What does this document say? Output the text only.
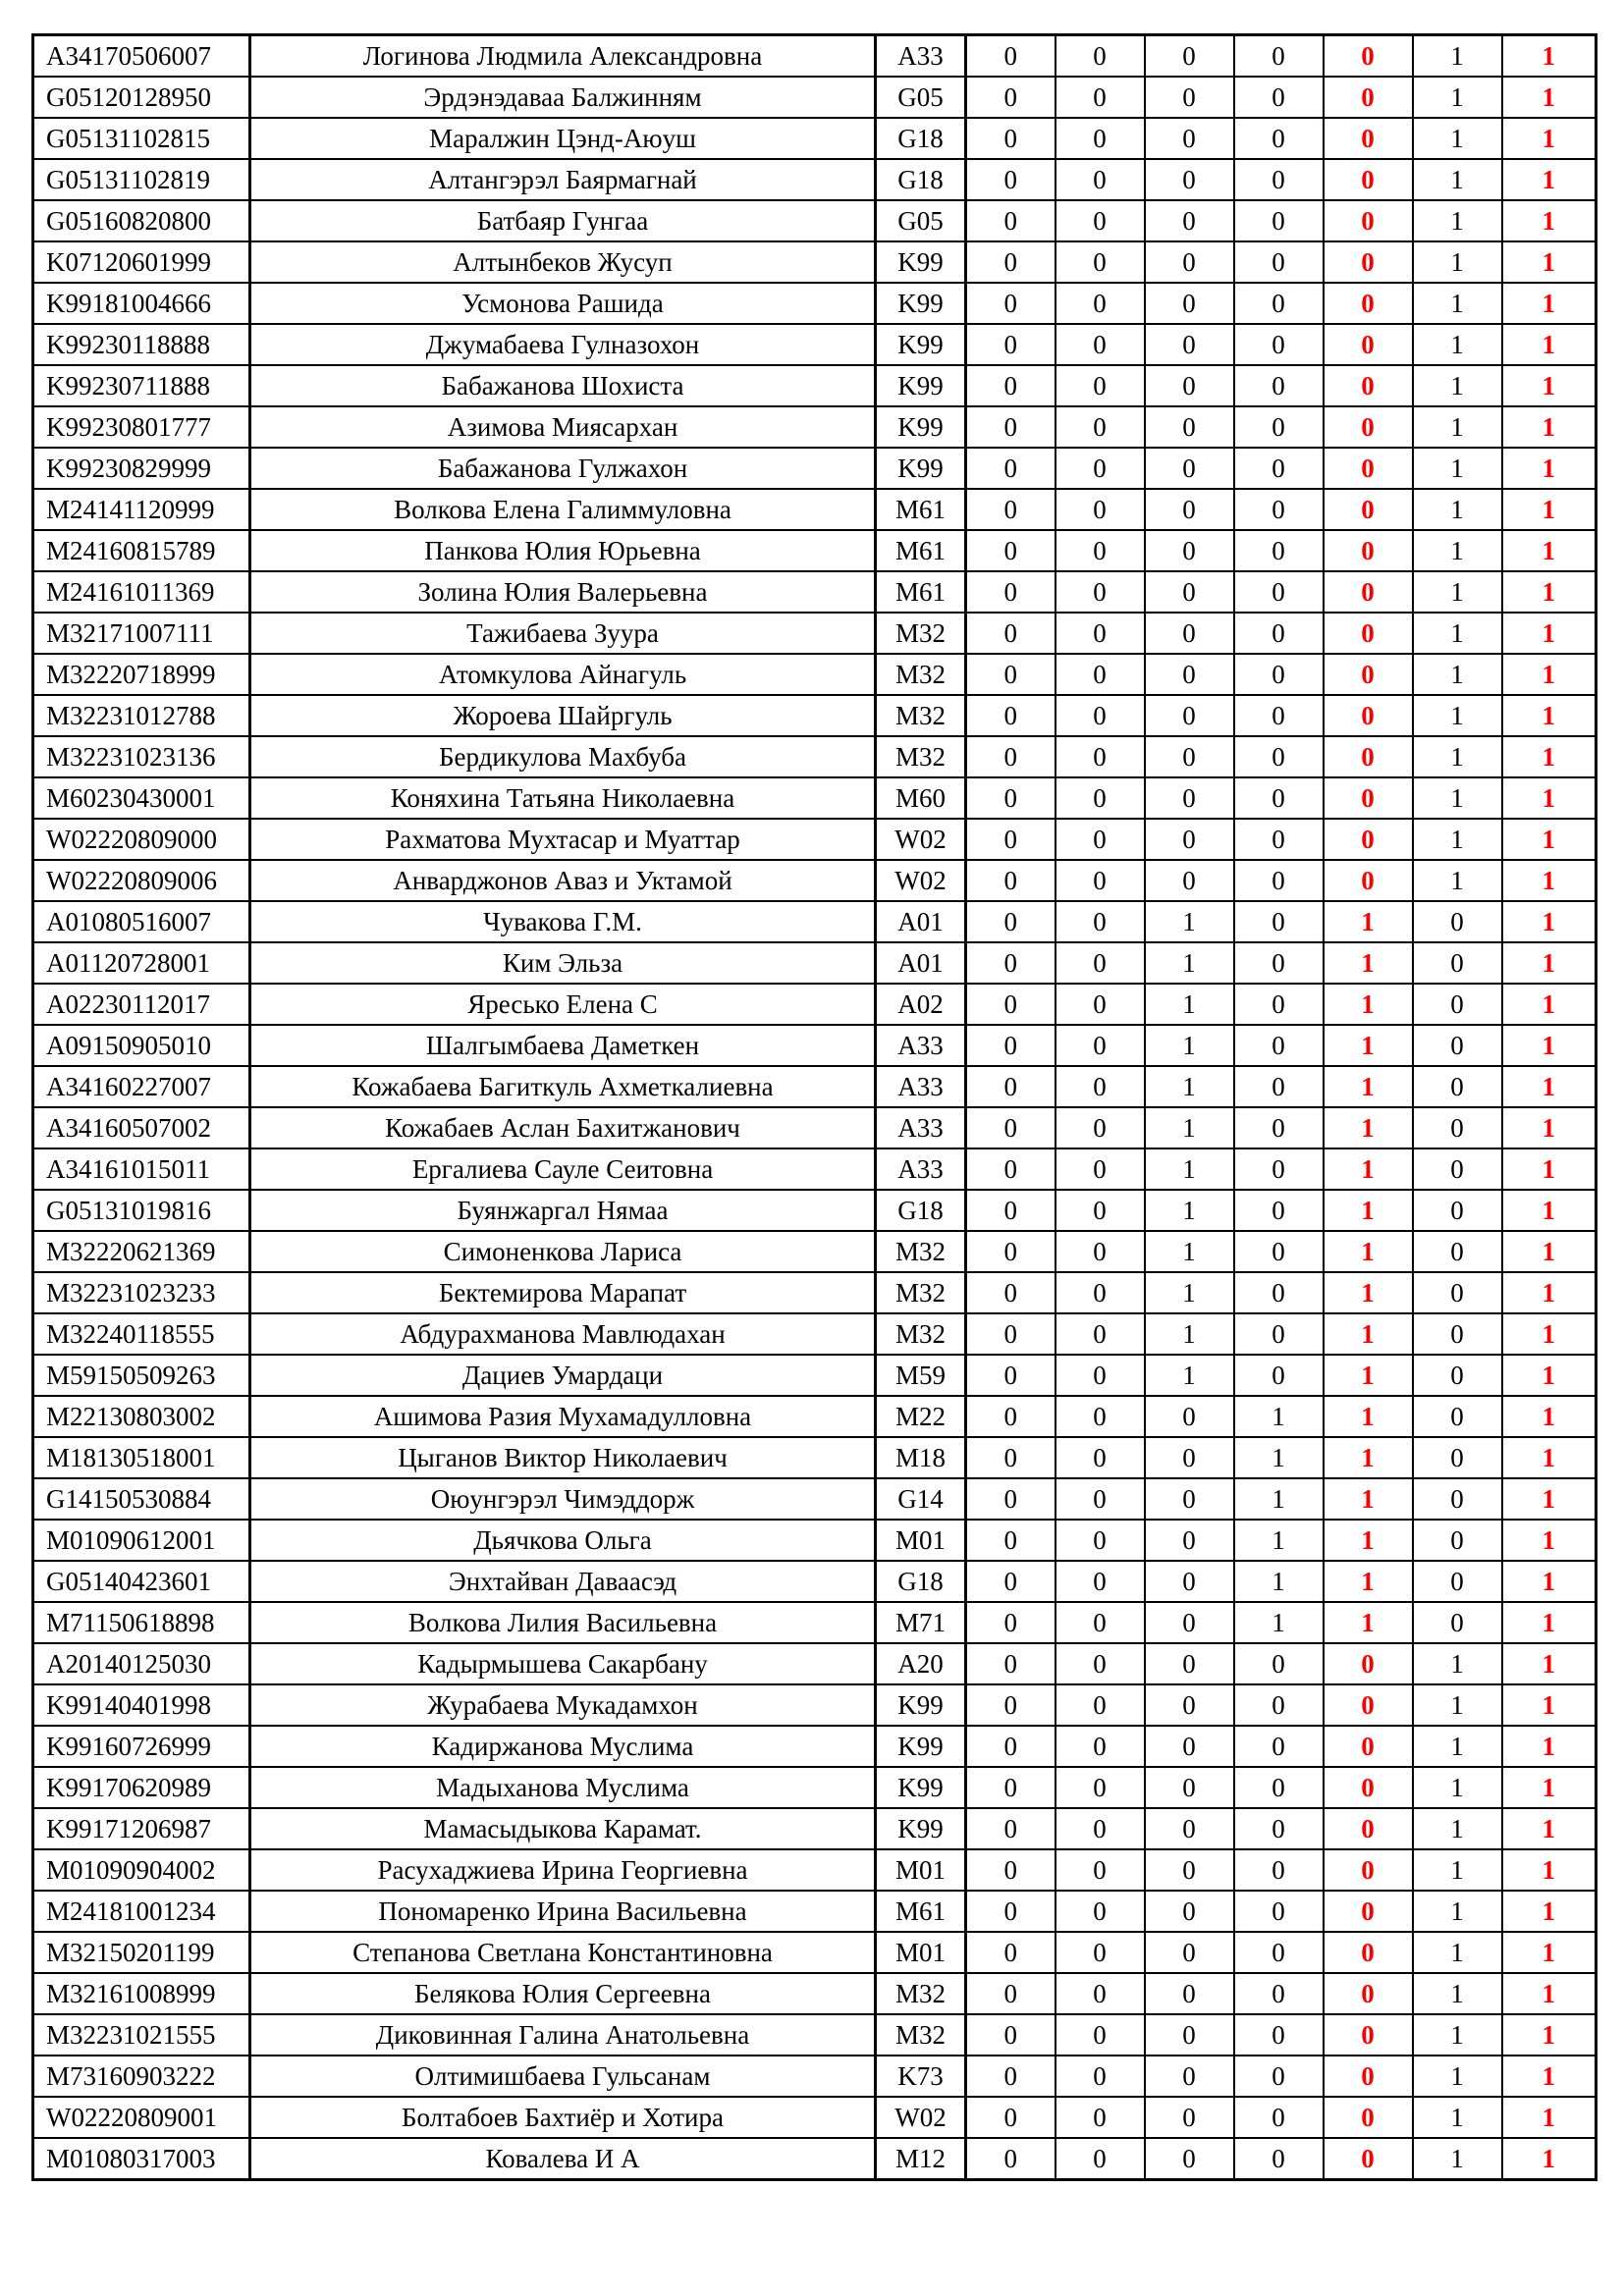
A34170506007	Логинова Людмила Александровна	A33	0	0	0	0	0	1	1
G05120128950	Эрдэнэдаваа Балжинням	G05	0	0	0	0	0	1	1
G05131102815	Маралжин Цэнд-Аюуш	G18	0	0	0	0	0	1	1
G05131102819	Алтангэрэл Баярмагнай	G18	0	0	0	0	0	1	1
G05160820800	Батбаяр Гунгаа	G05	0	0	0	0	0	1	1
K07120601999	Алтынбеков Жусуп	K99	0	0	0	0	0	1	1
K99181004666	Усмонова Рашида	K99	0	0	0	0	0	1	1
K99230118888	Джумабаева Гулназохон	K99	0	0	0	0	0	1	1
K99230711888	Бабажанова Шохиста	K99	0	0	0	0	0	1	1
K99230801777	Азимова Миясархан	K99	0	0	0	0	0	1	1
K99230829999	Бабажанова Гулжахон	K99	0	0	0	0	0	1	1
M24141120999	Волкова Елена Галиммуловна	M61	0	0	0	0	0	1	1
M24160815789	Панкова Юлия Юрьевна	M61	0	0	0	0	0	1	1
M24161011369	Золина Юлия Валерьевна	M61	0	0	0	0	0	1	1
M32171007111	Тажибаева Зуура	M32	0	0	0	0	0	1	1
M32220718999	Атомкулова Айнагуль	M32	0	0	0	0	0	1	1
M32231012788	Жороева Шайргуль	M32	0	0	0	0	0	1	1
M32231023136	Бердикулова Махбуба	M32	0	0	0	0	0	1	1
M60230430001	Коняхина Татьяна Николаевна	M60	0	0	0	0	0	1	1
W02220809000	Рахматова Мухтасар и Муаттар	W02	0	0	0	0	0	1	1
W02220809006	Анварджонов Аваз и Уктамой	W02	0	0	0	0	0	1	1
A01080516007	Чувакова Г.М.	A01	0	0	1	0	1	0	1
A01120728001	Ким Эльза	A01	0	0	1	0	1	0	1
A02230112017	Яресько Елена С	A02	0	0	1	0	1	0	1
A09150905010	Шалгымбаева Даметкен	A33	0	0	1	0	1	0	1
A34160227007	Кожабаева Багиткуль Ахметкалиевна	A33	0	0	1	0	1	0	1
A34160507002	Кожабаев Аслан Бахитжанович	A33	0	0	1	0	1	0	1
A34161015011	Ергалиева Сауле Сеитовна	A33	0	0	1	0	1	0	1
G05131019816	Буянжаргал Нямаа	G18	0	0	1	0	1	0	1
M32220621369	Симоненкова Лариса	M32	0	0	1	0	1	0	1
M32231023233	Бектемирова Марапат	M32	0	0	1	0	1	0	1
M32240118555	Абдурахманова Мавлюдахан	M32	0	0	1	0	1	0	1
M59150509263	Дациев Умардаци	M59	0	0	1	0	1	0	1
M22130803002	Ашимова Разия Мухамадулловна	M22	0	0	0	1	1	0	1
M18130518001	Цыганов Виктор Николаевич	M18	0	0	0	1	1	0	1
G14150530884	Оюунгэрэл Чимэддорж	G14	0	0	0	1	1	0	1
M01090612001	Дьячкова Ольга	M01	0	0	0	1	1	0	1
G05140423601	Энхтайван Даваасэд	G18	0	0	0	1	1	0	1
M71150618898	Волкова Лилия Васильевна	M71	0	0	0	1	1	0	1
A20140125030	Кадырмышева Сакарбану	A20	0	0	0	0	0	1	1
K99140401998	Журабаева Мукадамхон	K99	0	0	0	0	0	1	1
K99160726999	Кадиржанова Муслима	K99	0	0	0	0	0	1	1
K99170620989	Мадыханова Муслима	K99	0	0	0	0	0	1	1
K99171206987	Мамасыдыкова Карамат.	K99	0	0	0	0	0	1	1
M01090904002	Расухаджиева Ирина Георгиевна	M01	0	0	0	0	0	1	1
M24181001234	Пономаренко Ирина Васильевна	M61	0	0	0	0	0	1	1
M32150201199	Степанова Светлана Константиновна	M01	0	0	0	0	0	1	1
M32161008999	Белякова Юлия Сергеевна	M32	0	0	0	0	0	1	1
M32231021555	Диковинная Галина Анатольевна	M32	0	0	0	0	0	1	1
M73160903222	Олтимишбаева Гульсанам	K73	0	0	0	0	0	1	1
W02220809001	Болтабоев Бахтиёр и Хотира	W02	0	0	0	0	0	1	1
M01080317003	Ковалева И А	M12	0	0	0	0	0	1	1
